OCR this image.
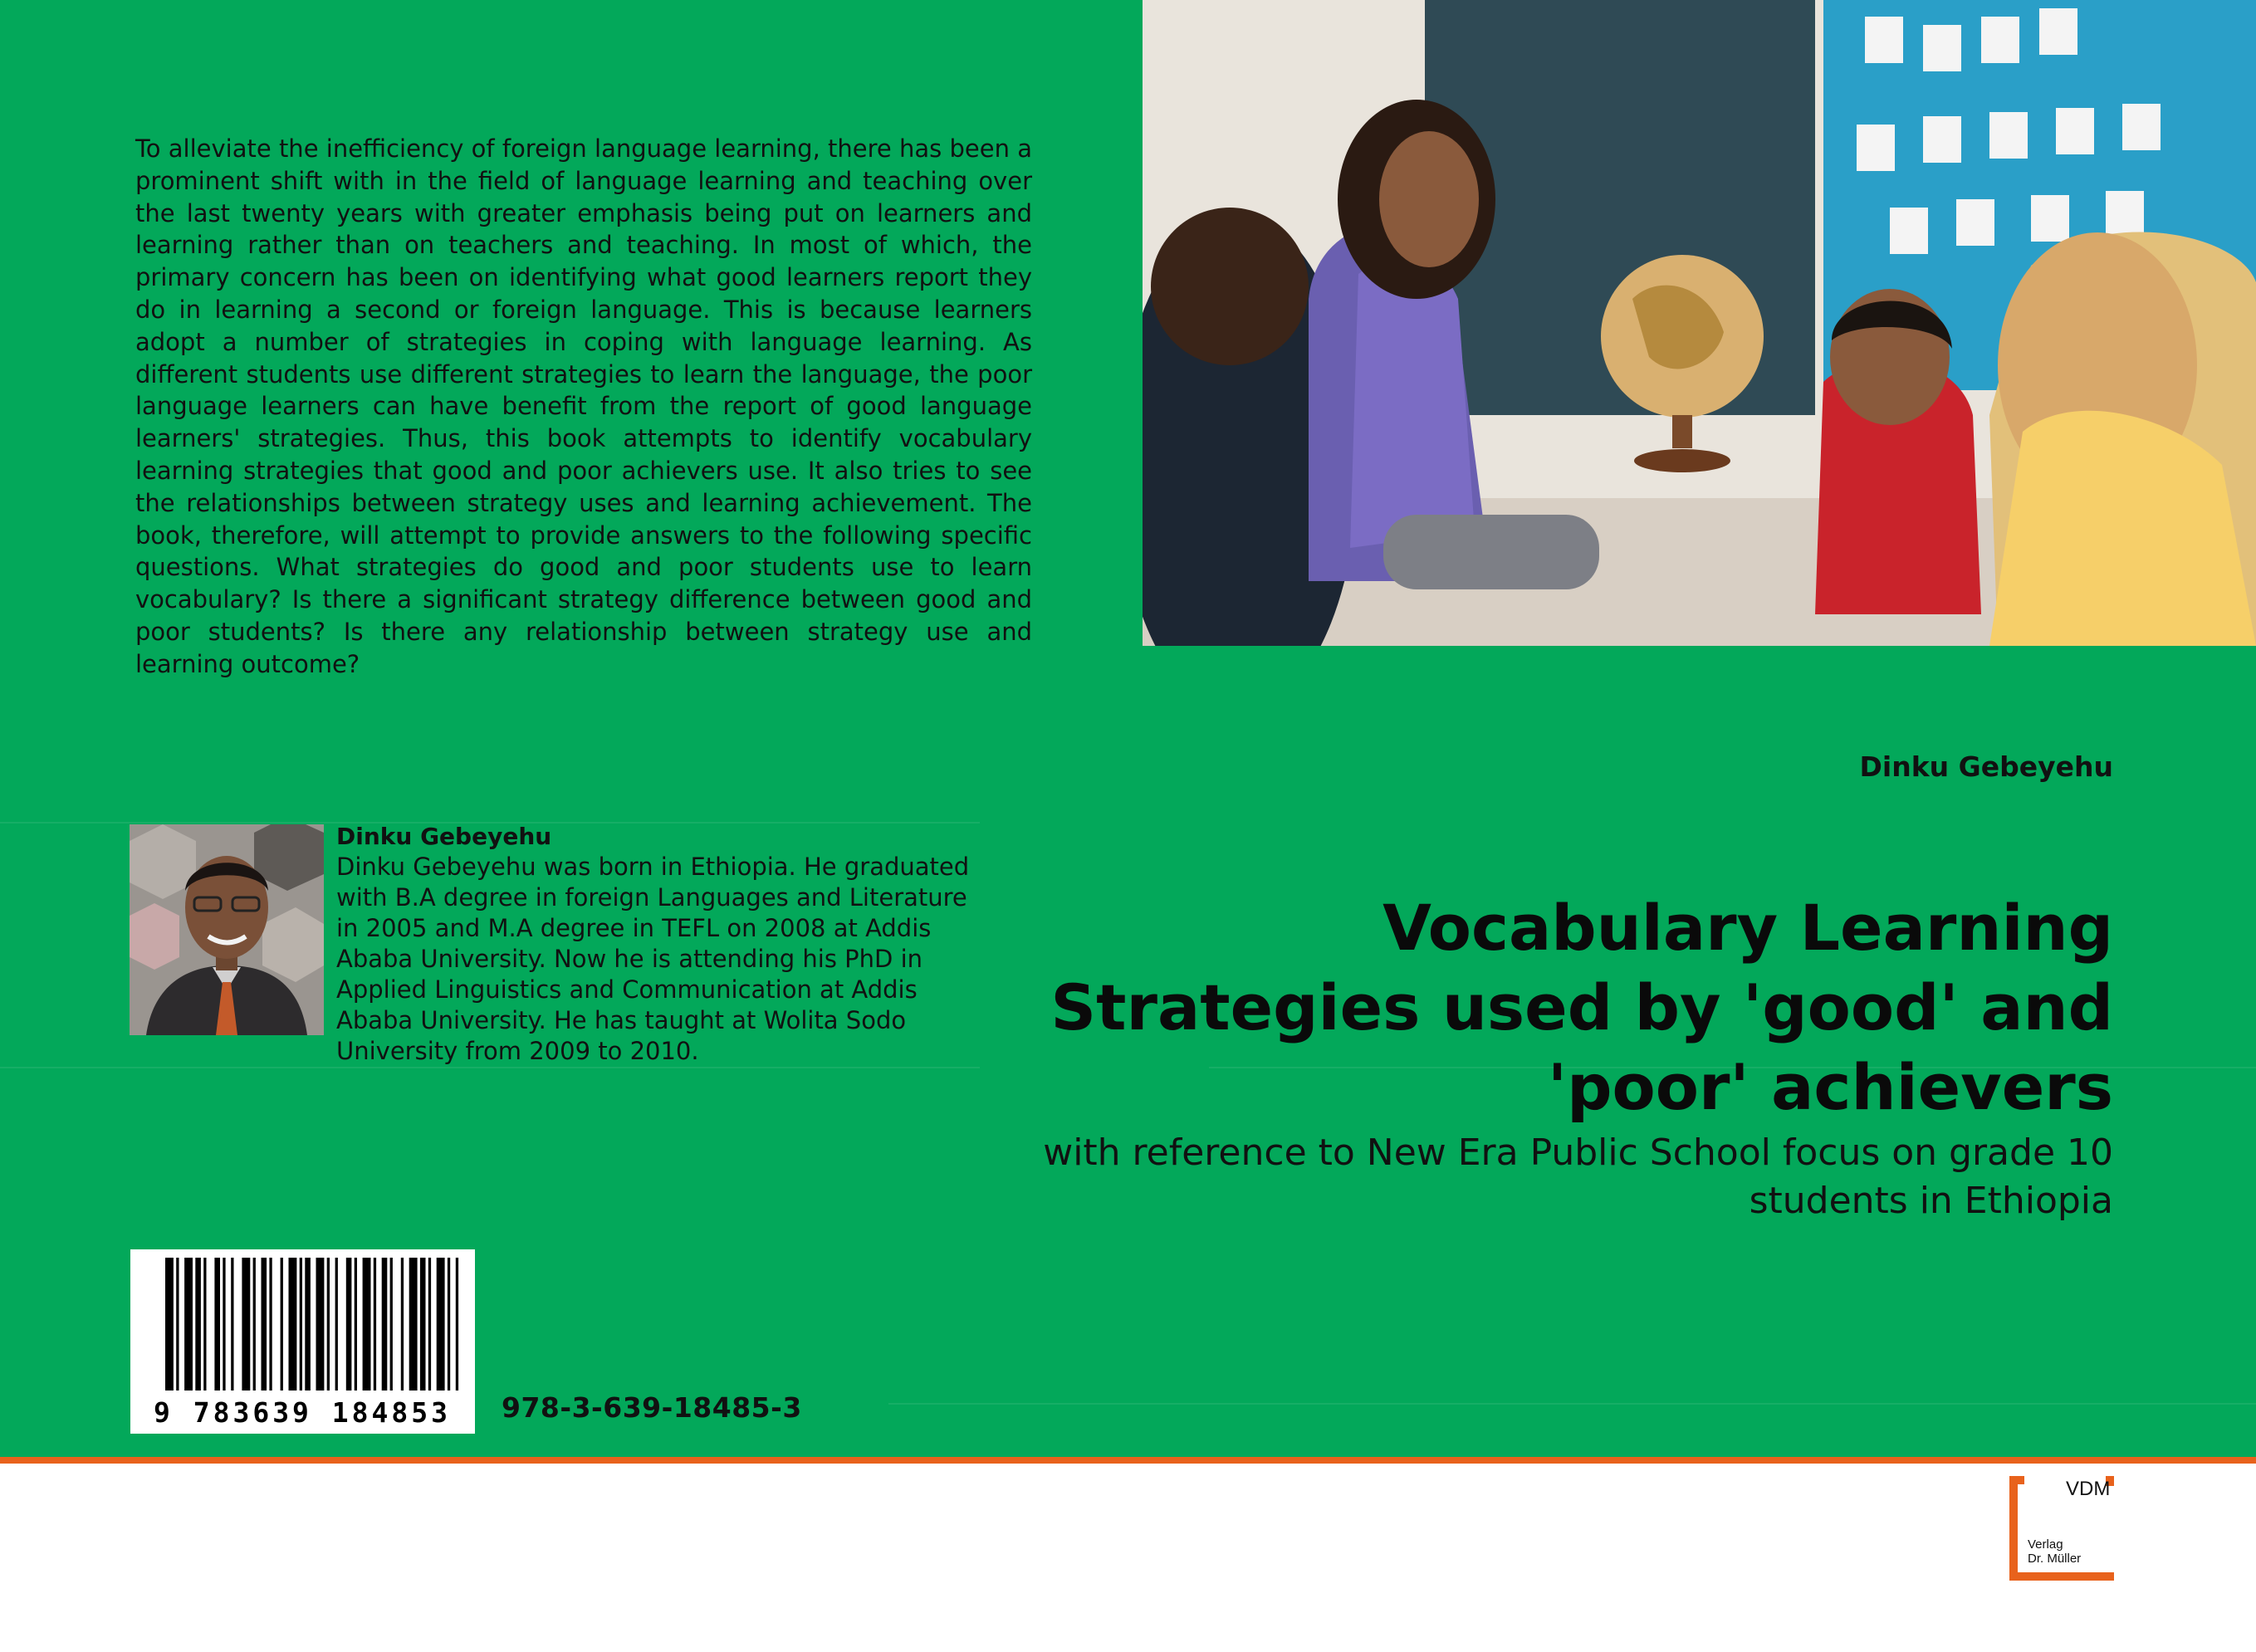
To alleviate the inefficiency of foreign language learning, there has been a prominent shift with in the field of language learning and teaching over the last twenty years with greater emphasis being put on learners and learning rather than on teachers and teaching. In most of which, the primary concern has been on identifying what good learners report they do in learning a second or foreign language. This is because learners adopt a number of strategies in coping with language learning. As different students use different strategies to learn the language, the poor language learners can have benefit from the report of good language learners' strategies. Thus, this book attempts to identify vocabulary learning strategies that good and poor achievers use. It also tries to see the relationships between strategy uses and learning achievement. The book, therefore, will attempt to provide answers to the following specific questions. What strategies do good and poor students use to learn vocabulary? Is there a significant strategy difference between good and poor students? Is there any relationship between strategy use and learning outcome?

Dinku Gebeyehu

Vocabulary Learning Strategies used by 'good' and 'poor' achievers

with reference to New Era Public School focus on grade 10 students in Ethiopia

Dinku Gebeyehu

Dinku Gebeyehu was born in Ethiopia. He graduated with B.A degree in foreign Languages and Literature in 2005 and M.A degree in TEFL on 2008 at Addis Ababa University. Now he is attending his PhD in Applied Linguistics and Communication at Addis Ababa University. He has taught at Wolita Sodo University from 2009 to 2010.

9 783639 184853 978-3-639-18485-3
VDM
Verlag
Dr. Müller
